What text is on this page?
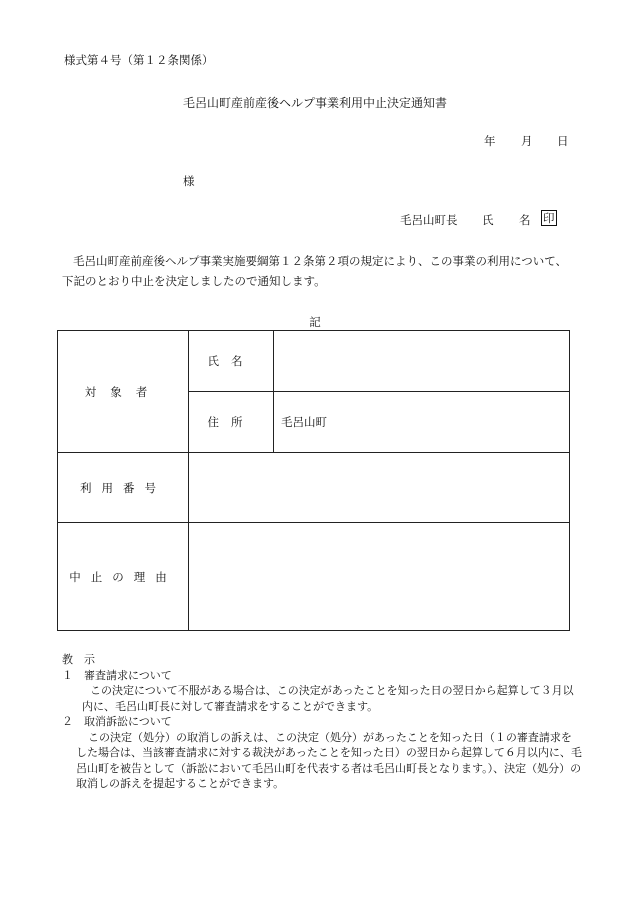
様式第４号（第１２条関係）
毛呂山町産前産後ヘルプ事業利用中止決定通知書
年 月 日
様
毛呂山町長 氏 名 印
毛呂山町産前産後ヘルプ事業実施要綱第１２条第２項の規定により、この事業の利用について、下記のとおり中止を決定しましたので通知します。
記
対象者	氏名	
	住所	毛呂山町
利用番号		
中止の理由		
教　示
１　審査請求について
この決定について不服がある場合は、この決定があったことを知った日の翌日から起算して３月以内に、毛呂山町長に対して審査請求をすることができます。
２　取消訴訟について
この決定（処分）の取消しの訴えは、この決定（処分）があったことを知った日（１の審査請求をした場合は、当該審査請求に対する裁決があったことを知った日）の翌日から起算して６月以内に、毛呂山町を被告として（訴訟において毛呂山町を代表する者は毛呂山町長となります。）、決定（処分）の取消しの訴えを提起することができます。
